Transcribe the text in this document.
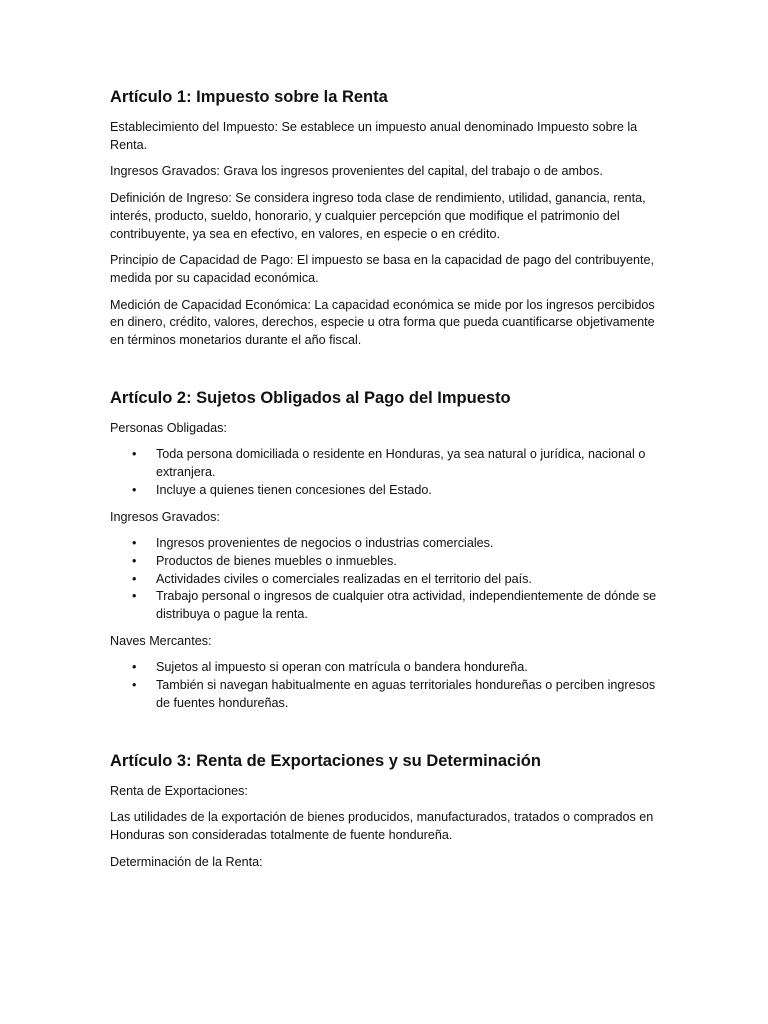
Artículo 1: Impuesto sobre la Renta

Establecimiento del Impuesto: Se establece un impuesto anual denominado Impuesto sobre la Renta.

Ingresos Gravados: Grava los ingresos provenientes del capital, del trabajo o de ambos.

Definición de Ingreso: Se considera ingreso toda clase de rendimiento, utilidad, ganancia, renta, interés, producto, sueldo, honorario, y cualquier percepción que modifique el patrimonio del contribuyente, ya sea en efectivo, en valores, en especie o en crédito.

Principio de Capacidad de Pago: El impuesto se basa en la capacidad de pago del contribuyente, medida por su capacidad económica.

Medición de Capacidad Económica: La capacidad económica se mide por los ingresos percibidos en dinero, crédito, valores, derechos, especie u otra forma que pueda cuantificarse objetivamente en términos monetarios durante el año fiscal.

Artículo 2: Sujetos Obligados al Pago del Impuesto

Personas Obligadas:

• Toda persona domiciliada o residente en Honduras, ya sea natural o jurídica, nacional o extranjera.
• Incluye a quienes tienen concesiones del Estado.

Ingresos Gravados:

• Ingresos provenientes de negocios o industrias comerciales.
• Productos de bienes muebles o inmuebles.
• Actividades civiles o comerciales realizadas en el territorio del país.
• Trabajo personal o ingresos de cualquier otra actividad, independientemente de dónde se distribuya o pague la renta.

Naves Mercantes:

• Sujetos al impuesto si operan con matrícula o bandera hondureña.
• También si navegan habitualmente en aguas territoriales hondureñas o perciben ingresos de fuentes hondureñas.
Artículo 3: Renta de Exportaciones y su Determinación

Renta de Exportaciones:

Las utilidades de la exportación de bienes producidos, manufacturados, tratados o comprados en Honduras son consideradas totalmente de fuente hondureña.

Determinación de la Renta:
